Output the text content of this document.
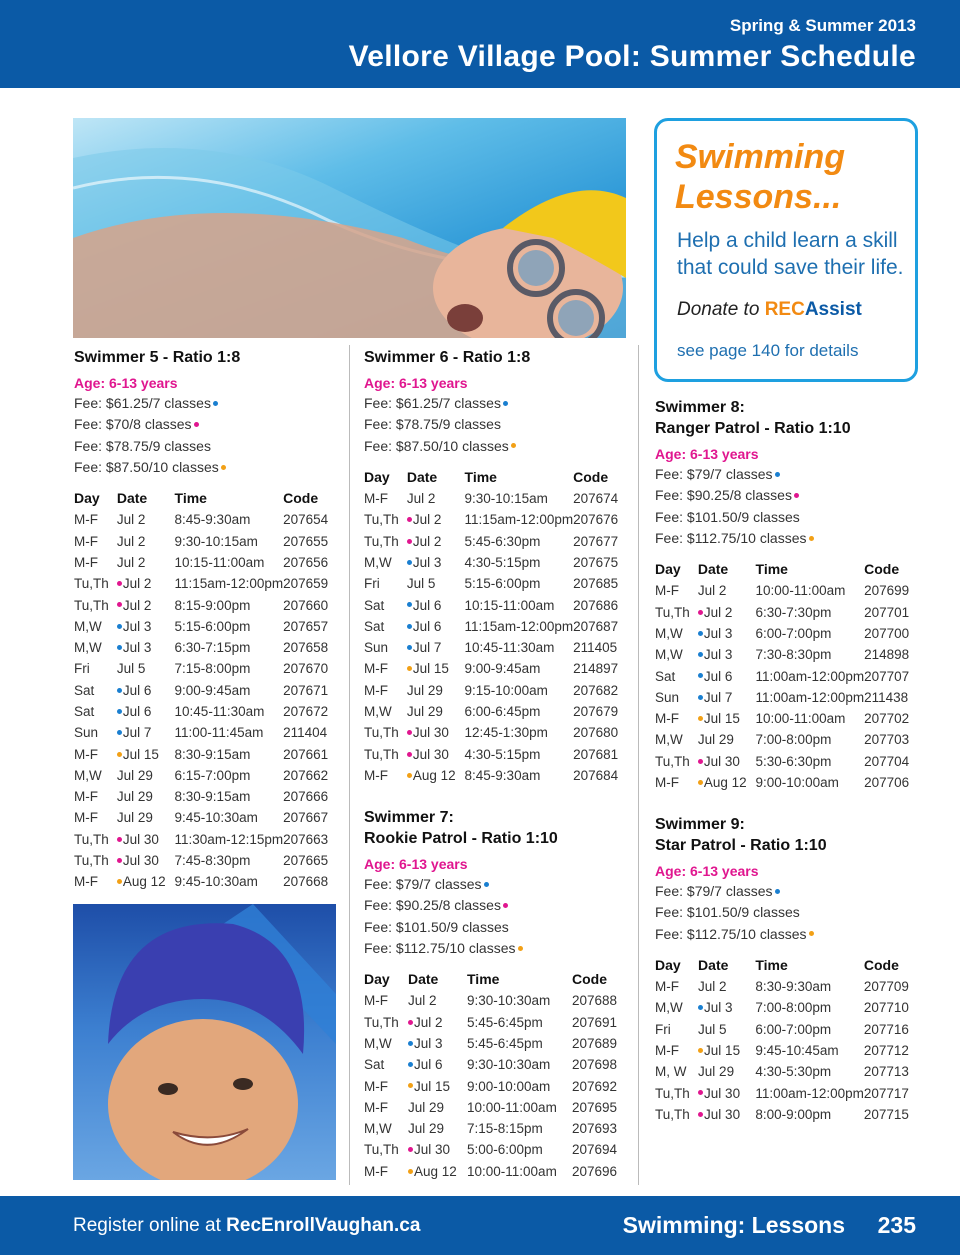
Spring & Summer 2013
Vellore Village Pool: Summer Schedule
Swimming
Lessons...
Help a child learn a skill that could save their life.
Donate to RECAssist
see page 140 for details
Swimmer 5 - Ratio 1:8
Age: 6-13 years
Fee: $61.25/7 classes
Fee: $70/8 classes
Fee: $78.75/9 classes
Fee: $87.50/10 classes
Day	Date	Time	Code
M-F	Jul 2	8:45-9:30am	207654
M-F	Jul 2	9:30-10:15am	207655
M-F	Jul 2	10:15-11:00am	207656
Tu,Th	Jul 2	11:15am-12:00pm	207659
Tu,Th	Jul 2	8:15-9:00pm	207660
M,W	Jul 3	5:15-6:00pm	207657
M,W	Jul 3	6:30-7:15pm	207658
Fri	Jul 5	7:15-8:00pm	207670
Sat	Jul 6	9:00-9:45am	207671
Sat	Jul 6	10:45-11:30am	207672
Sun	Jul 7	11:00-11:45am	211404
M-F	Jul 15	8:30-9:15am	207661
M,W	Jul 29	6:15-7:00pm	207662
M-F	Jul 29	8:30-9:15am	207666
M-F	Jul 29	9:45-10:30am	207667
Tu,Th	Jul 30	11:30am-12:15pm	207663
Tu,Th	Jul 30	7:45-8:30pm	207665
M-F	Aug 12	9:45-10:30am	207668
Swimmer 6 - Ratio 1:8
Age: 6-13 years
Fee: $61.25/7 classes
Fee: $78.75/9 classes
Fee: $87.50/10 classes
Day	Date	Time	Code
M-F	Jul 2	9:30-10:15am	207674
Tu,Th	Jul 2	11:15am-12:00pm	207676
Tu,Th	Jul 2	5:45-6:30pm	207677
M,W	Jul 3	4:30-5:15pm	207675
Fri	Jul 5	5:15-6:00pm	207685
Sat	Jul 6	10:15-11:00am	207686
Sat	Jul 6	11:15am-12:00pm	207687
Sun	Jul 7	10:45-11:30am	211405
M-F	Jul 15	9:00-9:45am	214897
M-F	Jul 29	9:15-10:00am	207682
M,W	Jul 29	6:00-6:45pm	207679
Tu,Th	Jul 30	12:45-1:30pm	207680
Tu,Th	Jul 30	4:30-5:15pm	207681
M-F	Aug 12	8:45-9:30am	207684
Swimmer 7:
Rookie Patrol - Ratio 1:10
Age: 6-13 years
Fee: $79/7 classes
Fee: $90.25/8 classes
Fee: $101.50/9 classes
Fee: $112.75/10 classes
Day	Date	Time	Code
M-F	Jul 2	9:30-10:30am	207688
Tu,Th	Jul 2	5:45-6:45pm	207691
M,W	Jul 3	5:45-6:45pm	207689
Sat	Jul 6	9:30-10:30am	207698
M-F	Jul 15	9:00-10:00am	207692
M-F	Jul 29	10:00-11:00am	207695
M,W	Jul 29	7:15-8:15pm	207693
Tu,Th	Jul 30	5:00-6:00pm	207694
M-F	Aug 12	10:00-11:00am	207696
Swimmer 8:
Ranger Patrol - Ratio 1:10
Age: 6-13 years
Fee: $79/7 classes
Fee: $90.25/8 classes
Fee: $101.50/9 classes
Fee: $112.75/10 classes
Day	Date	Time	Code
M-F	Jul 2	10:00-11:00am	207699
Tu,Th	Jul 2	6:30-7:30pm	207701
M,W	Jul 3	6:00-7:00pm	207700
M,W	Jul 3	7:30-8:30pm	214898
Sat	Jul 6	11:00am-12:00pm	207707
Sun	Jul 7	11:00am-12:00pm	211438
M-F	Jul 15	10:00-11:00am	207702
M,W	Jul 29	7:00-8:00pm	207703
Tu,Th	Jul 30	5:30-6:30pm	207704
M-F	Aug 12	9:00-10:00am	207706
Swimmer 9:
Star Patrol - Ratio 1:10
Age: 6-13 years
Fee: $79/7 classes
Fee: $101.50/9 classes
Fee: $112.75/10 classes
Day	Date	Time	Code
M-F	Jul 2	8:30-9:30am	207709
M,W	Jul 3	7:00-8:00pm	207710
Fri	Jul 5	6:00-7:00pm	207716
M-F	Jul 15	9:45-10:45am	207712
M, W	Jul 29	4:30-5:30pm	207713
Tu,Th	Jul 30	11:00am-12:00pm	207717
Tu,Th	Jul 30	8:00-9:00pm	207715
Register online at RecEnrollVaughan.ca	Swimming: Lessons 235
